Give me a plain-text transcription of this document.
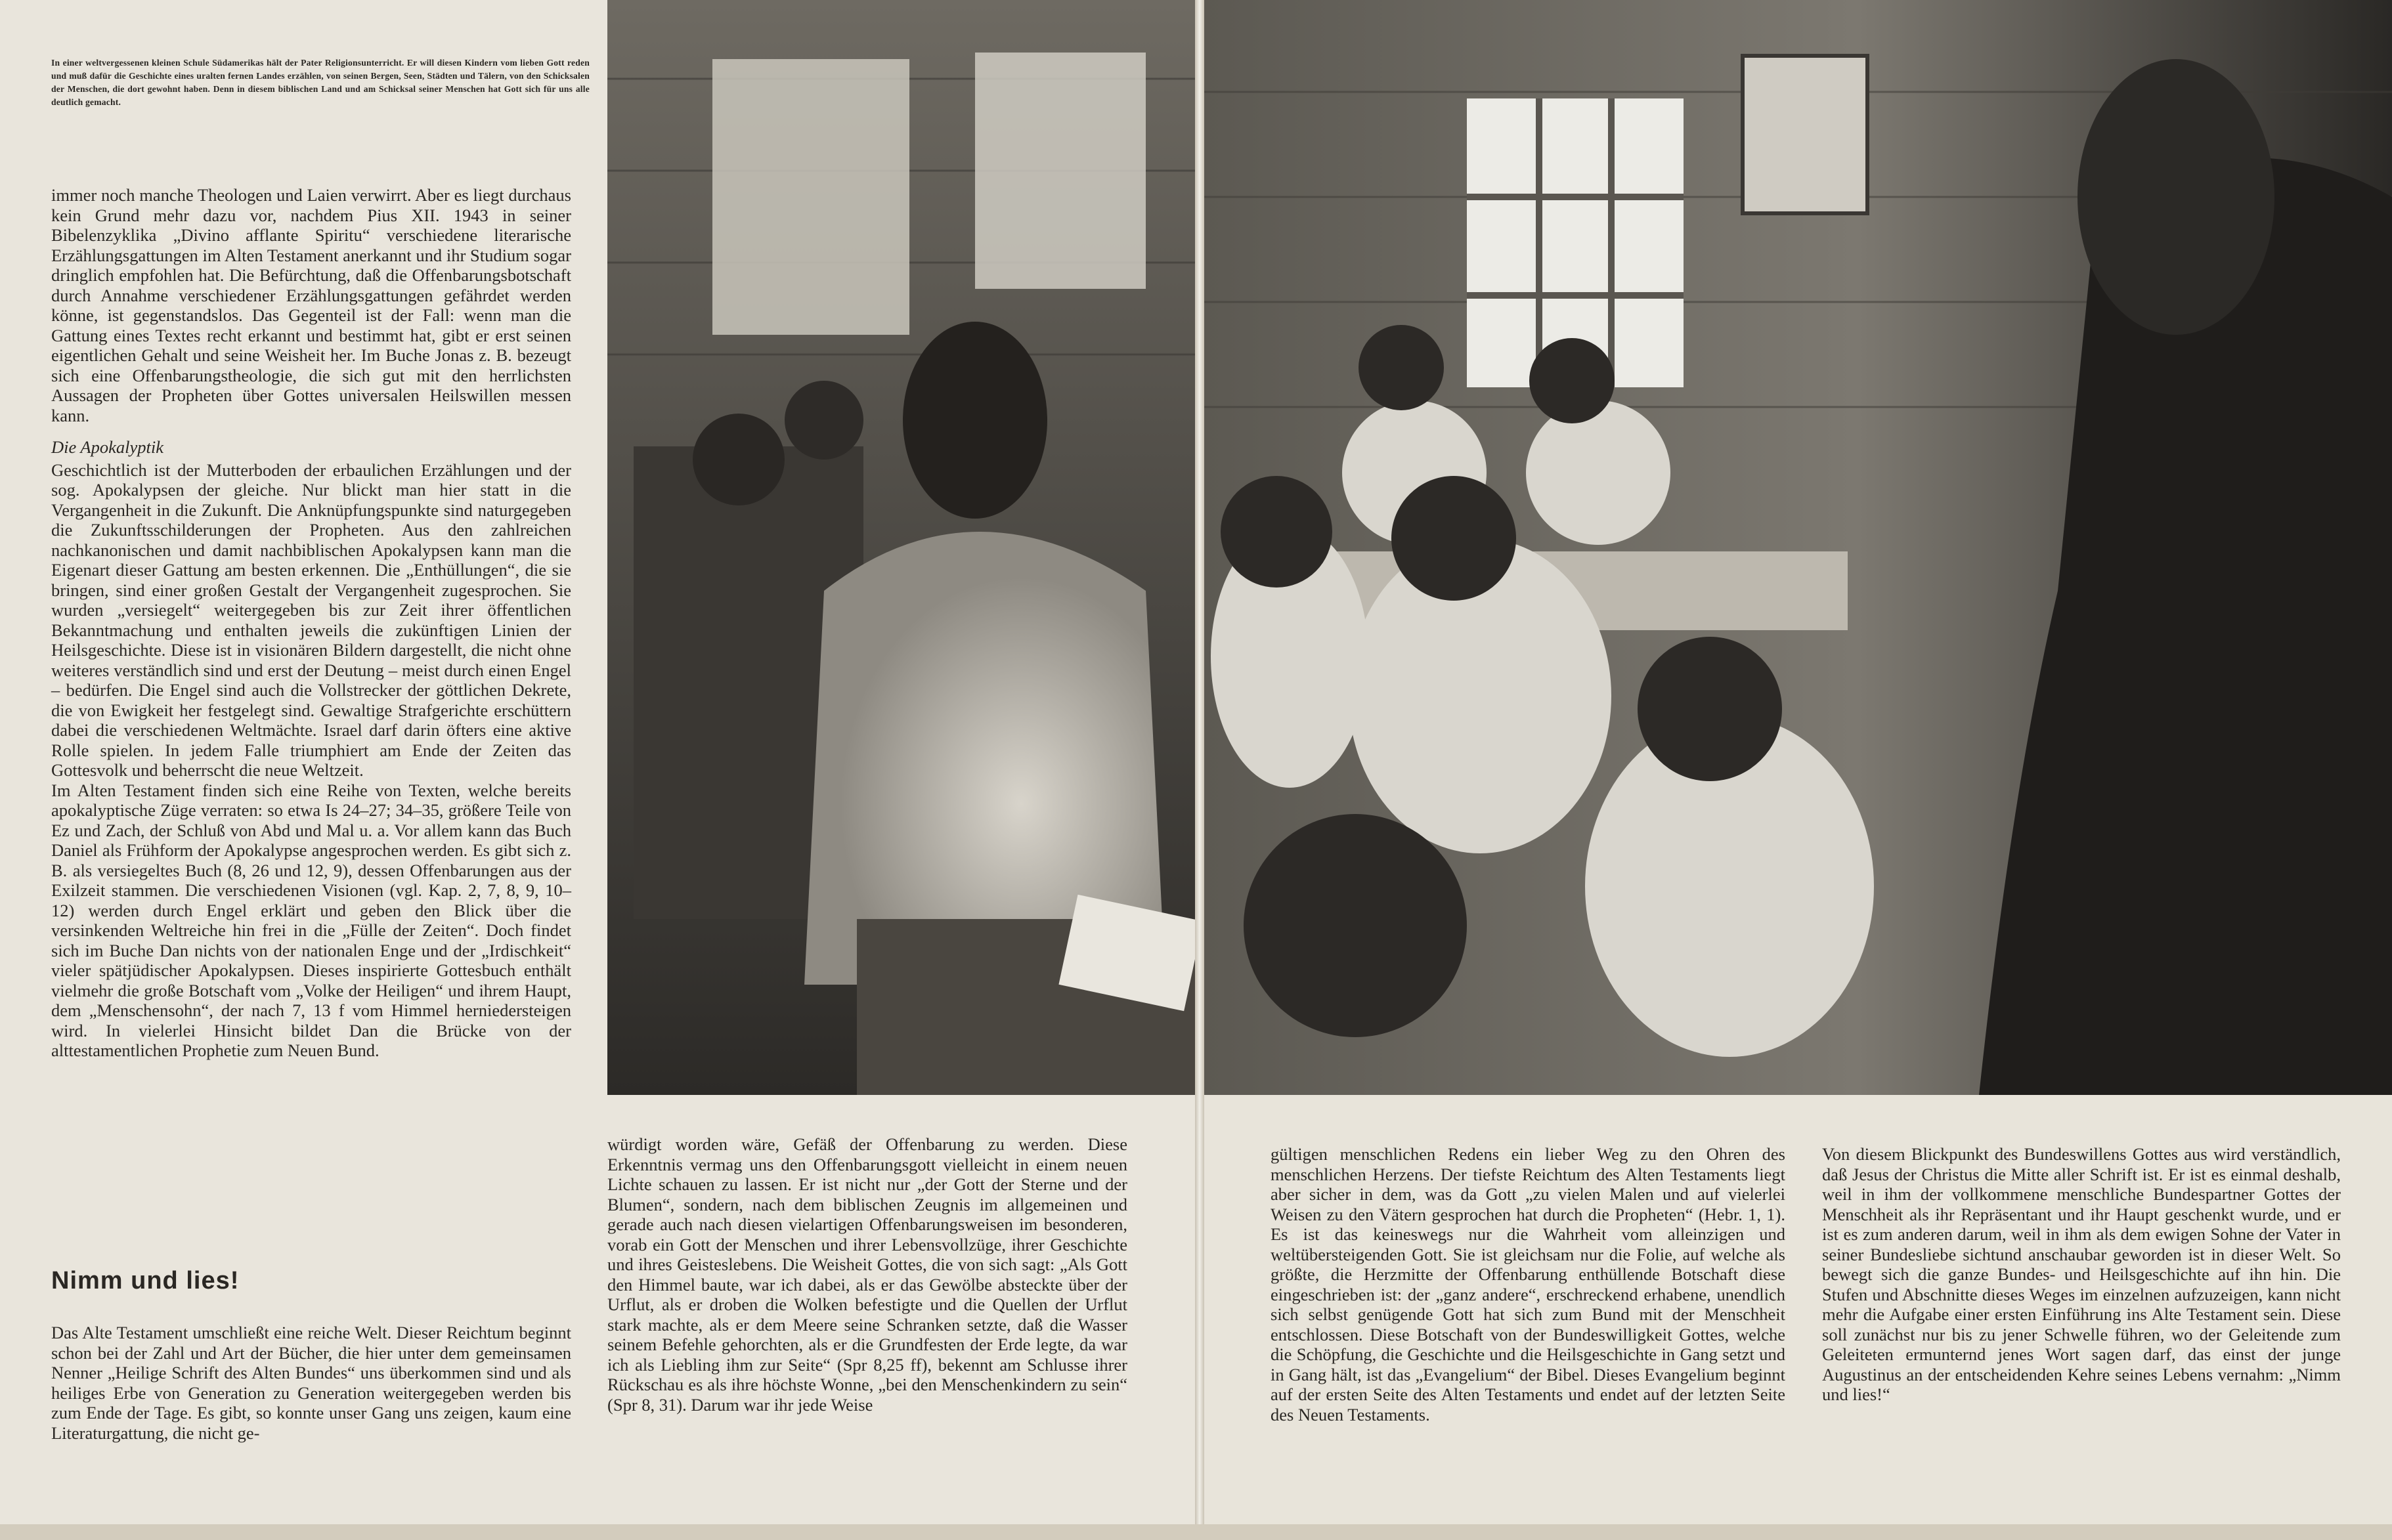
In einer weltvergessenen kleinen Schule Südamerikas hält der Pater Religionsunterricht. Er will diesen Kindern vom lieben Gott reden und muß dafür die Geschichte eines uralten fernen Landes erzählen, von seinen Bergen, Seen, Städten und Tälern, von den Schicksalen der Menschen, die dort gewohnt haben. Denn in diesem biblischen Land und am Schicksal seiner Menschen hat Gott sich für uns alle deutlich gemacht.

immer noch manche Theologen und Laien verwirrt. Aber es liegt durchaus kein Grund mehr dazu vor, nachdem Pius XII. 1943 in seiner Bibelenzyklika „Divino afflante Spiritu“ verschiedene literarische Erzählungsgattungen im Alten Testament anerkannt und ihr Studium sogar dringlich empfohlen hat. Die Befürchtung, daß die Offenbarungsbotschaft durch Annahme verschiedener Erzählungsgattungen gefährdet werden könne, ist gegenstandslos. Das Gegenteil ist der Fall: wenn man die Gattung eines Textes recht erkannt und bestimmt hat, gibt er erst seinen eigentlichen Gehalt und seine Weisheit her. Im Buche Jonas z. B. bezeugt sich eine Offenbarungstheologie, die sich gut mit den herrlichsten Aussagen der Propheten über Gottes universalen Heilswillen messen kann.

Die Apokalyptik

Geschichtlich ist der Mutterboden der erbaulichen Erzählungen und der sog. Apokalypsen der gleiche. Nur blickt man hier statt in die Vergangenheit in die Zukunft. Die Anknüpfungspunkte sind naturgegeben die Zukunftsschilderungen der Propheten. Aus den zahlreichen nachkanonischen und damit nachbiblischen Apokalypsen kann man die Eigenart dieser Gattung am besten erkennen. Die „Enthüllungen“, die sie bringen, sind einer großen Gestalt der Vergangenheit zugesprochen. Sie wurden „versiegelt“ weitergegeben bis zur Zeit ihrer öffentlichen Bekanntmachung und enthalten jeweils die zukünftigen Linien der Heilsgeschichte. Diese ist in visionären Bildern dargestellt, die nicht ohne weiteres verständlich sind und erst der Deutung – meist durch einen Engel – bedürfen. Die Engel sind auch die Vollstrecker der göttlichen Dekrete, die von Ewigkeit her festgelegt sind. Gewaltige Strafgerichte erschüttern dabei die verschiedenen Weltmächte. Israel darf darin öfters eine aktive Rolle spielen. In jedem Falle triumphiert am Ende der Zeiten das Gottesvolk und beherrscht die neue Weltzeit.

Im Alten Testament finden sich eine Reihe von Texten, welche bereits apokalyptische Züge verraten: so etwa Is 24–27; 34–35, größere Teile von Ez und Zach, der Schluß von Abd und Mal u. a. Vor allem kann das Buch Daniel als Frühform der Apokalypse angesprochen werden. Es gibt sich z. B. als versiegeltes Buch (8, 26 und 12, 9), dessen Offenbarungen aus der Exilzeit stammen. Die verschiedenen Visionen (vgl. Kap. 2, 7, 8, 9, 10–12) werden durch Engel erklärt und geben den Blick über die versinkenden Weltreiche hin frei in die „Fülle der Zeiten“. Doch findet sich im Buche Dan nichts von der nationalen Enge und der „Irdischkeit“ vieler spätjüdischer Apokalypsen. Dieses inspirierte Gottesbuch enthält vielmehr die große Botschaft vom „Volke der Heiligen“ und ihrem Haupt, dem „Menschensohn“, der nach 7, 13 f vom Himmel herniedersteigen wird. In vielerlei Hinsicht bildet Dan die Brücke von der alttestamentlichen Prophetie zum Neuen Bund.

Nimm und lies!

Das Alte Testament umschließt eine reiche Welt. Dieser Reichtum beginnt schon bei der Zahl und Art der Bücher, die hier unter dem gemeinsamen Nenner „Heilige Schrift des Alten Bundes“ uns überkommen sind und als heiliges Erbe von Generation zu Generation weitergegeben werden bis zum Ende der Tage. Es gibt, so konnte unser Gang uns zeigen, kaum eine Literaturgattung, die nicht ge-

würdigt worden wäre, Gefäß der Offenbarung zu werden. Diese Erkenntnis vermag uns den Offenbarungsgott vielleicht in einem neuen Lichte schauen zu lassen. Er ist nicht nur „der Gott der Sterne und der Blumen“, sondern, nach dem biblischen Zeugnis im allgemeinen und gerade auch nach diesen vielartigen Offenbarungsweisen im besonderen, vorab ein Gott der Menschen und ihrer Lebensvollzüge, ihrer Geschichte und ihres Geisteslebens. Die Weisheit Gottes, die von sich sagt: „Als Gott den Himmel baute, war ich dabei, als er das Gewölbe absteckte über der Urflut, als er droben die Wolken befestigte und die Quellen der Urflut stark machte, als er dem Meere seine Schranken setzte, daß die Wasser seinem Befehle gehorchten, als er die Grundfesten der Erde legte, da war ich als Liebling ihm zur Seite“ (Spr 8,25 ff), bekennt am Schlusse ihrer Rückschau es als ihre höchste Wonne, „bei den Menschenkindern zu sein“ (Spr 8, 31). Darum war ihr jede Weise

gültigen menschlichen Redens ein lieber Weg zu den Ohren des menschlichen Herzens. Der tiefste Reichtum des Alten Testaments liegt aber sicher in dem, was da Gott „zu vielen Malen und auf vielerlei Weisen zu den Vätern gesprochen hat durch die Propheten“ (Hebr. 1, 1). Es ist das keineswegs nur die Wahrheit vom alleinzigen und weltübersteigenden Gott. Sie ist gleichsam nur die Folie, auf welche als größte, die Herzmitte der Offenbarung enthüllende Botschaft diese eingeschrieben ist: der „ganz andere“, erschreckend erhabene, unendlich sich selbst genügende Gott hat sich zum Bund mit der Menschheit entschlossen. Diese Botschaft von der Bundeswilligkeit Gottes, welche die Schöpfung, die Geschichte und die Heilsgeschichte in Gang setzt und in Gang hält, ist das „Evangelium“ der Bibel. Dieses Evangelium beginnt auf der ersten Seite des Alten Testaments und endet auf der letzten Seite des Neuen Testaments.

Von diesem Blickpunkt des Bundeswillens Gottes aus wird verständlich, daß Jesus der Christus die Mitte aller Schrift ist. Er ist es einmal deshalb, weil in ihm der vollkommene menschliche Bundespartner Gottes der Menschheit als ihr Repräsentant und ihr Haupt geschenkt wurde, und er ist es zum anderen darum, weil in ihm als dem ewigen Sohne der Vater in seiner Bundesliebe sichtund anschaubar geworden ist in dieser Welt. So bewegt sich die ganze Bundes- und Heilsgeschichte auf ihn hin. Die Stufen und Abschnitte dieses Weges im einzelnen aufzuzeigen, kann nicht mehr die Aufgabe einer ersten Einführung ins Alte Testament sein. Diese soll zunächst nur bis zu jener Schwelle führen, wo der Geleitende zum Geleiteten ermunternd jenes Wort sagen darf, das einst der junge Augustinus an der entscheidenden Kehre seines Lebens vernahm: „Nimm und lies!“
